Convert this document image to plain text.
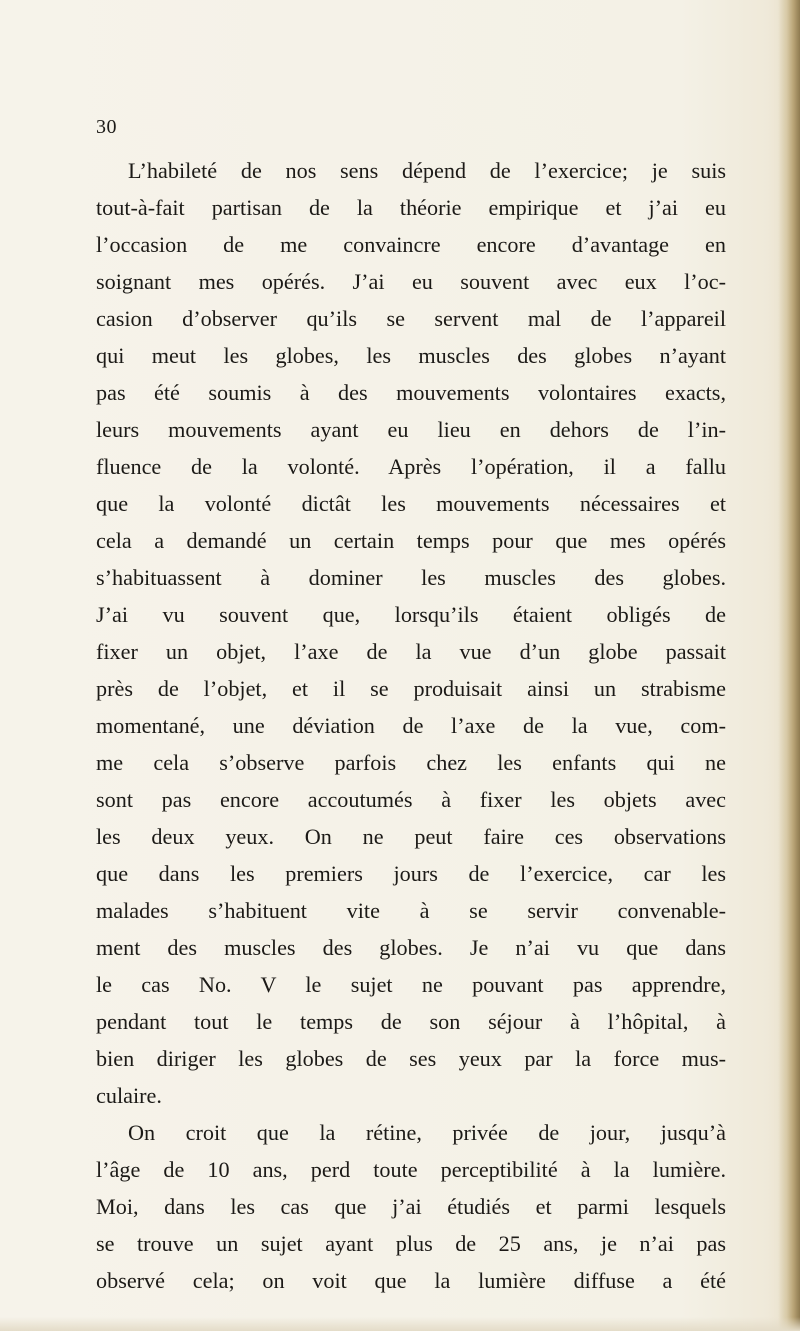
30
L’habileté de nos sens dépend de l’exercice; je suis
tout-à-fait partisan de la théorie empirique et j’ai eu
l’occasion de me convaincre encore d’avantage en
soignant mes opérés. J’ai eu souvent avec eux l’oc-
casion d’observer qu’ils se servent mal de l’appareil
qui meut les globes, les muscles des globes n’ayant
pas été soumis à des mouvements volontaires exacts,
leurs mouvements ayant eu lieu en dehors de l’in-
fluence de la volonté. Après l’opération, il a fallu
que la volonté dictât les mouvements nécessaires et
cela a demandé un certain temps pour que mes opérés
s’habituassent à dominer les muscles des globes.
J’ai vu souvent que, lorsqu’ils étaient obligés de
fixer un objet, l’axe de la vue d’un globe passait
près de l’objet, et il se produisait ainsi un strabisme
momentané, une déviation de l’axe de la vue, com-
me cela s’observe parfois chez les enfants qui ne
sont pas encore accoutumés à fixer les objets avec
les deux yeux. On ne peut faire ces observations
que dans les premiers jours de l’exercice, car les
malades s’habituent vite à se servir convenable-
ment des muscles des globes. Je n’ai vu que dans
le cas No. V le sujet ne pouvant pas apprendre,
pendant tout le temps de son séjour à l’hôpital, à
bien diriger les globes de ses yeux par la force mus-
culaire.
On croit que la rétine, privée de jour, jusqu’à
l’âge de 10 ans, perd toute perceptibilité à la lumière.
Moi, dans les cas que j’ai étudiés et parmi lesquels
se trouve un sujet ayant plus de 25 ans, je n’ai pas
observé cela; on voit que la lumière diffuse a été
